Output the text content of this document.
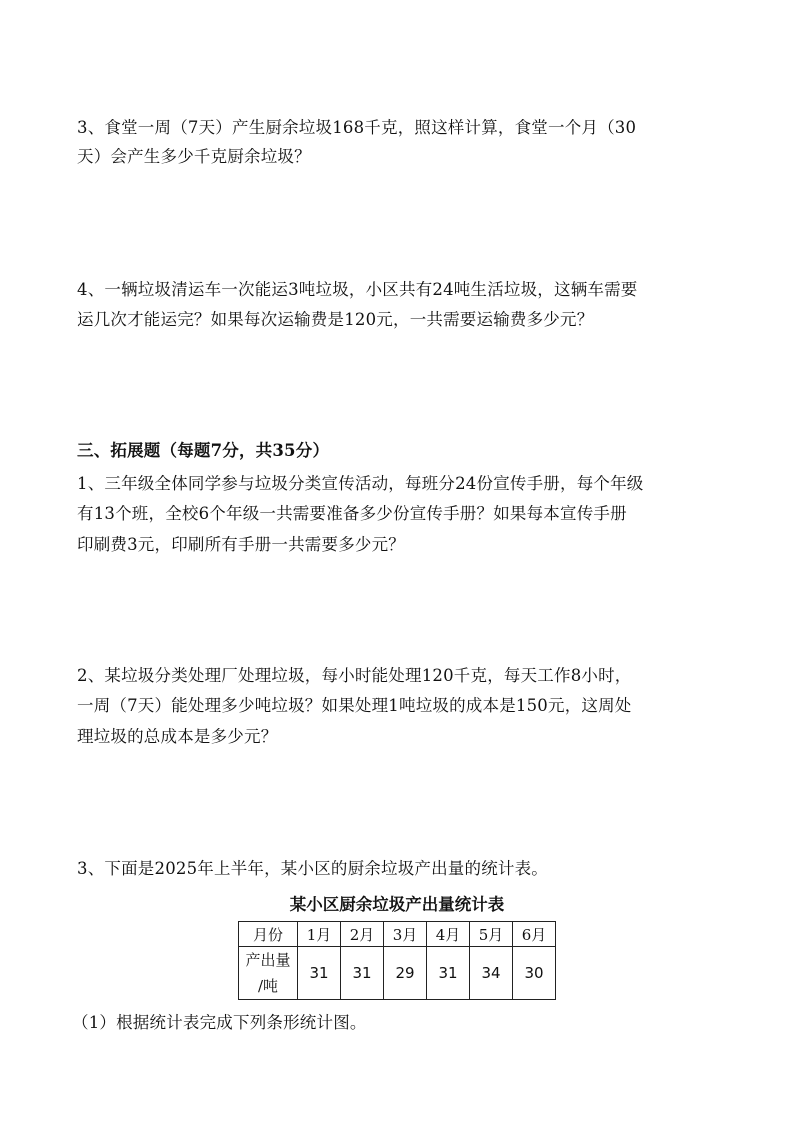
3、食堂一周（7天）产生厨余垃圾168千克，照这样计算，食堂一个月（30
天）会产生多少千克厨余垃圾？
4、一辆垃圾清运车一次能运3吨垃圾，小区共有24吨生活垃圾，这辆车需要
运几次才能运完？如果每次运输费是120元，一共需要运输费多少元？
三、拓展题（每题7分，共35分）
1、三年级全体同学参与垃圾分类宣传活动，每班分24份宣传手册，每个年级
有13个班，全校6个年级一共需要准备多少份宣传手册？如果每本宣传手册
印刷费3元，印刷所有手册一共需要多少元？
2、某垃圾分类处理厂处理垃圾，每小时能处理120千克，每天工作8小时，
一周（7天）能处理多少吨垃圾？如果处理1吨垃圾的成本是150元，这周处
理垃圾的总成本是多少元？
3、下面是2025年上半年，某小区的厨余垃圾产出量的统计表。
某小区厨余垃圾产出量统计表
月份	1月	2月	3月	4月	5月	6月
产出量
/吨	31	31	29	31	34	30
（1）根据统计表完成下列条形统计图。
